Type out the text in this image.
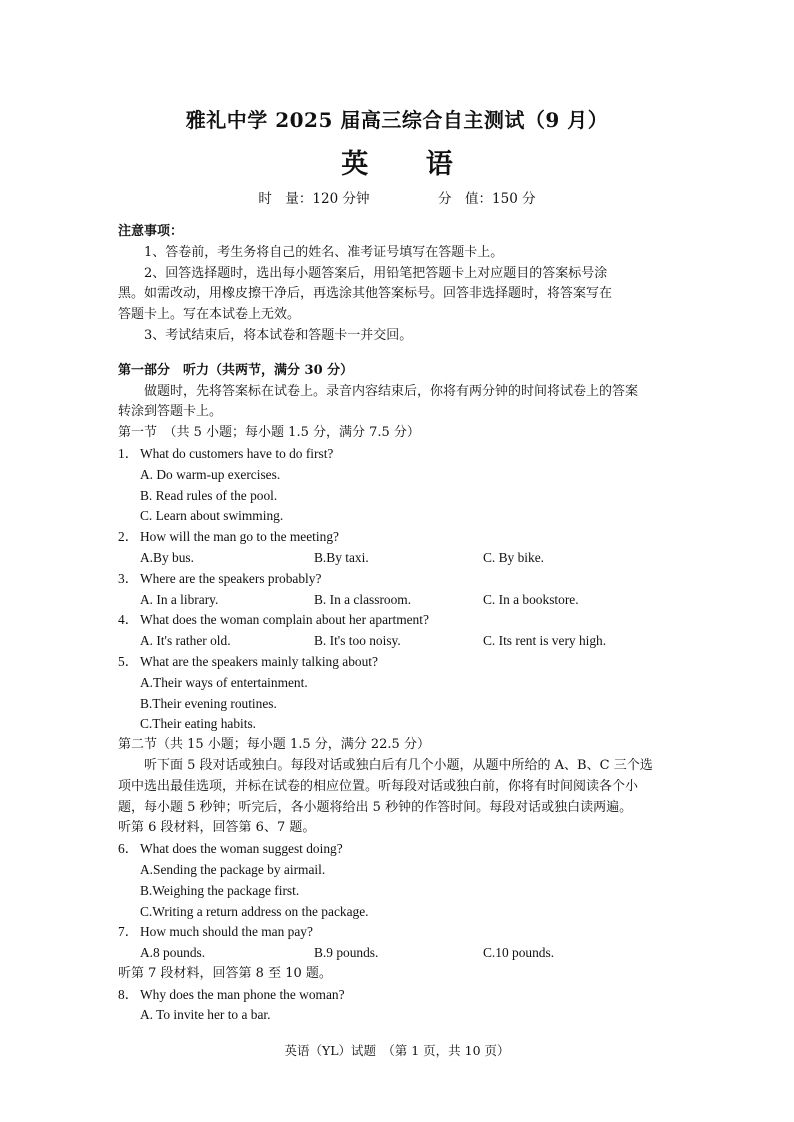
雅礼中学 2025 届高三综合自主测试（9 月）
英 语
时　量：120 分钟	分　值：150 分
注意事项：
1、答卷前，考生务将自己的姓名、准考证号填写在答题卡上。
2、回答选择题时，选出每小题答案后，用铅笔把答题卡上对应题目的答案标号涂
黑。如需改动，用橡皮擦干净后，再选涂其他答案标号。回答非选择题时，将答案写在
答题卡上。写在本试卷上无效。
3、考试结束后，将本试卷和答题卡一并交回。
第一部分　听力（共两节，满分 30 分）
做题时，先将答案标在试卷上。录音内容结束后，你将有两分钟的时间将试卷上的答案
转涂到答题卡上。
第一节　（共 5 小题；每小题 1.5 分，满分 7.5 分）
1． What do customers have to do first?
A. Do warm-up exercises.
B. Read rules of the pool.
C. Learn about swimming.
2． How will the man go to the meeting?
A.By bus.	B.By taxi.	C. By bike.
3． Where are the speakers probably?
A. In a library.	B. In a classroom.	C. In a bookstore.
4． What does the woman complain about her apartment?
A. It's rather old.	B. It's too noisy.	C. Its rent is very high.
5． What are the speakers mainly talking about?
A.Their ways of entertainment.
B.Their evening routines.
C.Their eating habits.
第二节（共 15 小题；每小题 1.5 分，满分 22.5 分）
听下面 5 段对话或独白。每段对话或独白后有几个小题，从题中所给的 A、B、C 三个选
项中选出最佳选项，并标在试卷的相应位置。听每段对话或独白前，你将有时间阅读各个小
题，每小题 5 秒钟；听完后，各小题将给出 5 秒钟的作答时间。每段对话或独白读两遍。
听第 6 段材料，回答第 6、7 题。
6． What does the woman suggest doing?
A.Sending the package by airmail.
B.Weighing the package first.
C.Writing a return address on the package.
7． How much should the man pay?
A.8 pounds.	B.9 pounds.	C.10 pounds.
听第 7 段材料，回答第 8 至 10 题。
8． Why does the man phone the woman?
A. To invite her to a bar.
英语（YL）试题　（第 1 页，共 10 页）
